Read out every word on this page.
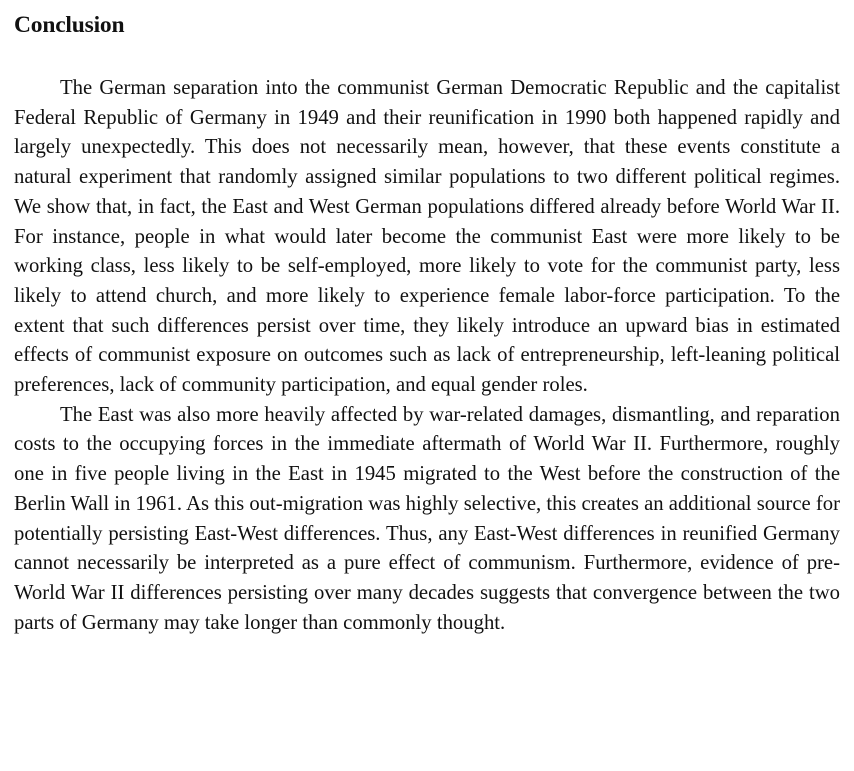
Conclusion

The German separation into the communist German Democratic Republic and the capitalist Federal Republic of Germany in 1949 and their reunification in 1990 both happened rapidly and largely unexpectedly. This does not necessarily mean, however, that these events constitute a natural experiment that randomly assigned similar populations to two different political regimes. We show that, in fact, the East and West German populations differed already before World War II. For instance, people in what would later become the communist East were more likely to be working class, less likely to be self-employed, more likely to vote for the communist party, less likely to attend church, and more likely to experience female labor-force participation. To the extent that such differences persist over time, they likely introduce an upward bias in estimated effects of communist exposure on outcomes such as lack of entrepreneurship, left-leaning political preferences, lack of community participation, and equal gender roles.

The East was also more heavily affected by war-related damages, dismantling, and reparation costs to the occupying forces in the immediate aftermath of World War II. Furthermore, roughly one in five people living in the East in 1945 migrated to the West before the construction of the Berlin Wall in 1961. As this out-migration was highly selective, this creates an additional source for potentially persisting East-West differences. Thus, any East-West differences in reunified Germany cannot necessarily be interpreted as a pure effect of communism. Furthermore, evidence of pre-World War II differences persisting over many decades suggests that convergence between the two parts of Germany may take longer than commonly thought.
